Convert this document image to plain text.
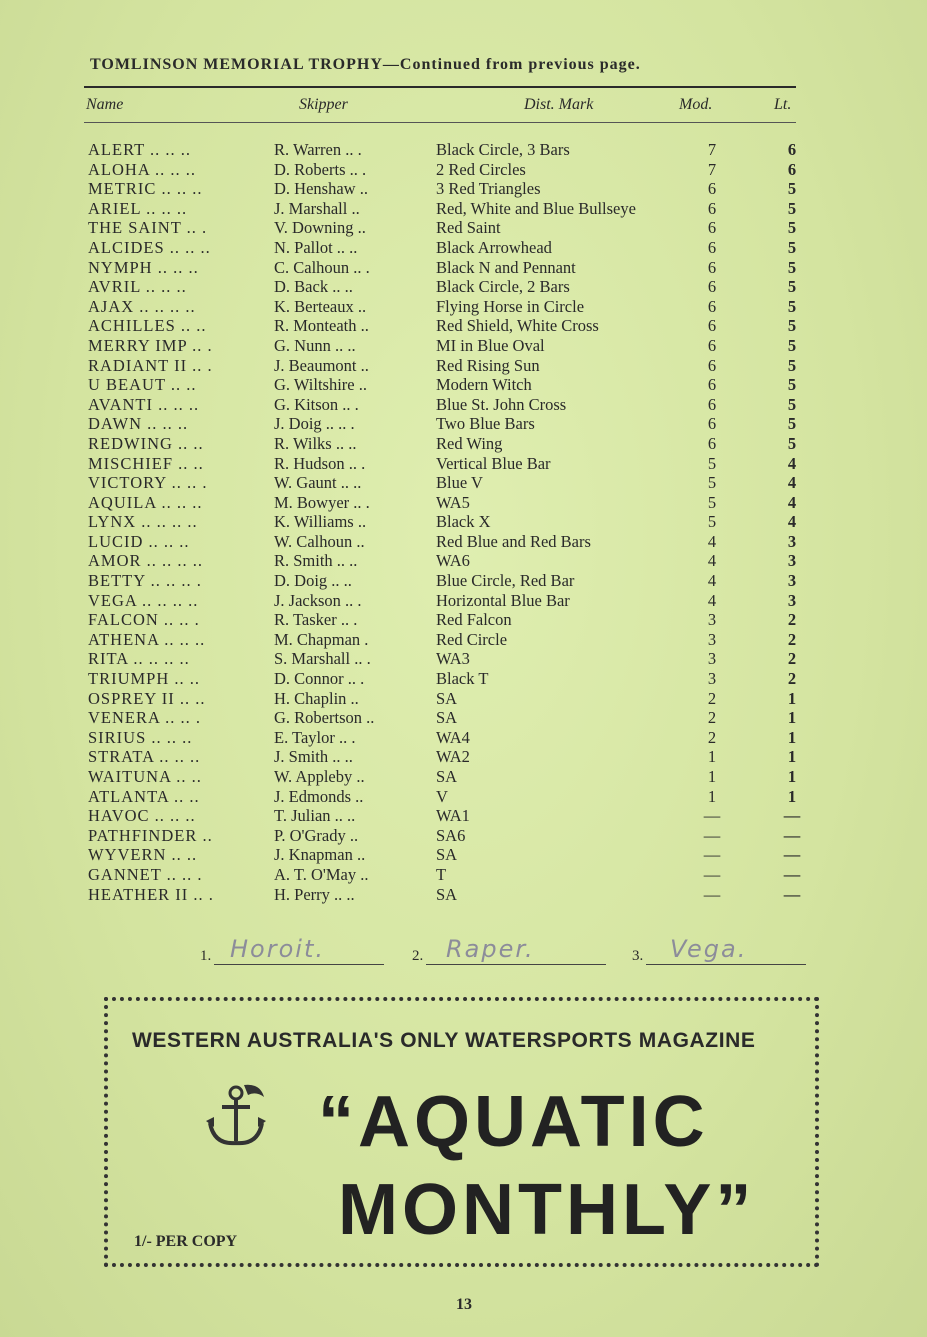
TOMLINSON MEMORIAL TROPHY—Continued from previous page.
Name	Skipper	Dist. Mark	Mod.	Lt.
ALERT .. .. ..	R. Warren .. .	Black Circle, 3 Bars	7	6
ALOHA .. .. ..	D. Roberts .. .	2 Red Circles	7	6
METRIC .. .. ..	D. Henshaw ..	3 Red Triangles	6	5
ARIEL .. .. ..	J. Marshall ..	Red, White and Blue Bullseye	6	5
THE SAINT .. .	V. Downing ..	Red Saint	6	5
ALCIDES .. .. ..	N. Pallot .. ..	Black Arrowhead	6	5
NYMPH .. .. ..	C. Calhoun .. .	Black N and Pennant	6	5
AVRIL .. .. ..	D. Back .. ..	Black Circle, 2 Bars	6	5
AJAX .. .. .. ..	K. Berteaux ..	Flying Horse in Circle	6	5
ACHILLES .. ..	R. Monteath ..	Red Shield, White Cross	6	5
MERRY IMP .. .	G. Nunn .. ..	MI in Blue Oval	6	5
RADIANT II .. .	J. Beaumont ..	Red Rising Sun	6	5
U BEAUT .. ..	G. Wiltshire ..	Modern Witch	6	5
AVANTI .. .. ..	G. Kitson .. .	Blue St. John Cross	6	5
DAWN .. .. ..	J. Doig .. .. .	Two Blue Bars	6	5
REDWING .. ..	R. Wilks .. ..	Red Wing	6	5
MISCHIEF .. ..	R. Hudson .. .	Vertical Blue Bar	5	4
VICTORY .. .. .	W. Gaunt .. ..	Blue V	5	4
AQUILA .. .. ..	M. Bowyer .. .	WA5	5	4
LYNX .. .. .. ..	K. Williams ..	Black X	5	4
LUCID .. .. ..	W. Calhoun ..	Red Blue and Red Bars	4	3
AMOR .. .. .. ..	R. Smith .. ..	WA6	4	3
BETTY .. .. .. .	D. Doig .. ..	Blue Circle, Red Bar	4	3
VEGA .. .. .. ..	J. Jackson .. .	Horizontal Blue Bar	4	3
FALCON .. .. .	R. Tasker .. .	Red Falcon	3	2
ATHENA .. .. ..	M. Chapman .	Red Circle	3	2
RITA .. .. .. ..	S. Marshall .. .	WA3	3	2
TRIUMPH .. ..	D. Connor .. .	Black T	3	2
OSPREY II .. ..	H. Chaplin ..	SA	2	1
VENERA .. .. .	G. Robertson ..	SA	2	1
SIRIUS .. .. ..	E. Taylor .. .	WA4	2	1
STRATA .. .. ..	J. Smith .. ..	WA2	1	1
WAITUNA .. ..	W. Appleby ..	SA	1	1
ATLANTA .. ..	J. Edmonds ..	V	1	1
HAVOC .. .. ..	T. Julian .. ..	WA1	—	—
PATHFINDER ..	P. O'Grady ..	SA6	—	—
WYVERN .. ..	J. Knapman ..	SA	—	—
GANNET .. .. .	A. T. O'May ..	T	—	—
HEATHER II .. .	H. Perry .. ..	SA	—	—
1. Horoit.	2. Raper.	3. Vega.
WESTERN AUSTRALIA'S ONLY WATERSPORTS MAGAZINE
“AQUATIC
MONTHLY”
1/- PER COPY
13
